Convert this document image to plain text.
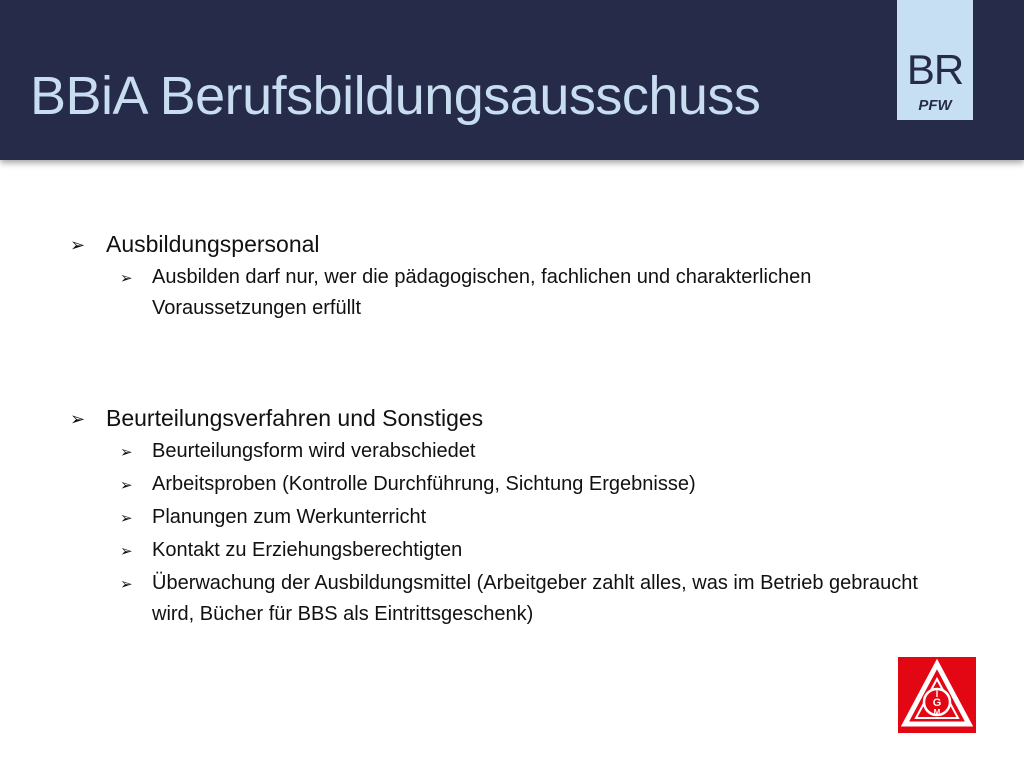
BBiA Berufsbildungsausschuss	BR
PFW
➢ Ausbildungspersonal
➢ Ausbilden darf nur, wer die pädagogischen, fachlichen und charakterlichen Voraussetzungen erfüllt
➢ Beurteilungsverfahren und Sonstiges
➢ Beurteilungsform wird verabschiedet
➢ Arbeitsproben (Kontrolle Durchführung, Sichtung Ergebnisse)
➢ Planungen zum Werkunterricht
➢ Kontakt zu Erziehungsberechtigten
➢ Überwachung der Ausbildungsmittel (Arbeitgeber zahlt alles, was im Betrieb gebraucht wird, Bücher für BBS als Eintrittsgeschenk)
I
G
M
